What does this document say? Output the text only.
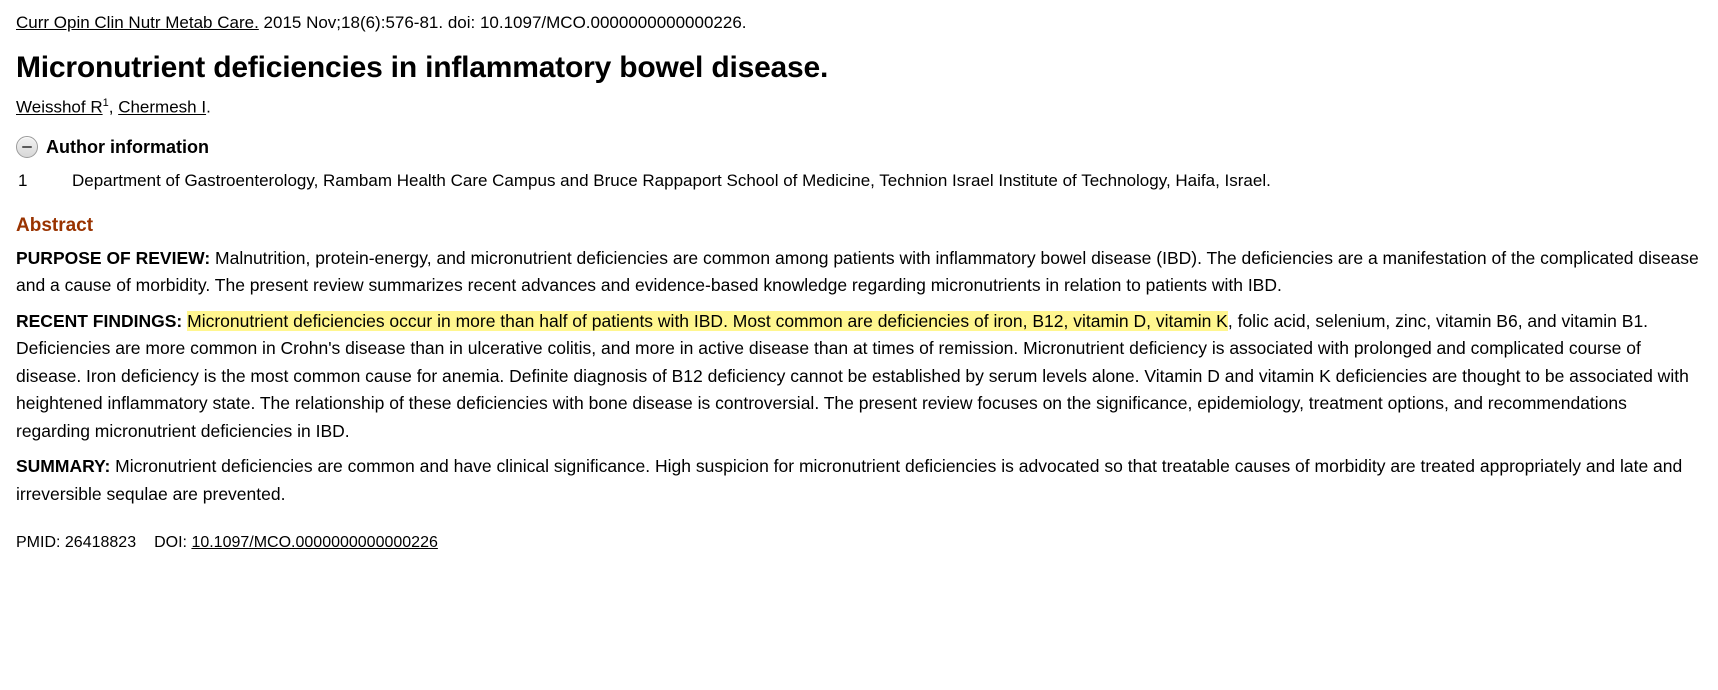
Curr Opin Clin Nutr Metab Care. 2015 Nov;18(6):576-81. doi: 10.1097/MCO.0000000000000226.
Micronutrient deficiencies in inflammatory bowel disease.
Weisshof $R^1$, Chermesh I.
Author information
1	Department of Gastroenterology, Rambam Health Care Campus and Bruce Rappaport School of Medicine, Technion Israel Institute of Technology, Haifa, Israel.
Abstract

PURPOSE OF REVIEW: Malnutrition, protein-energy, and micronutrient deficiencies are common among patients with inflammatory bowel disease (IBD). The deficiencies are a manifestation of the complicated disease and a cause of morbidity. The present review summarizes recent advances and evidence-based knowledge regarding micronutrients in relation to patients with IBD.

RECENT FINDINGS: Micronutrient deficiencies occur in more than half of patients with IBD. Most common are deficiencies of iron, B12, vitamin D, vitamin K, folic acid, selenium, zinc, vitamin B6, and vitamin B1. Deficiencies are more common in Crohn's disease than in ulcerative colitis, and more in active disease than at times of remission. Micronutrient deficiency is associated with prolonged and complicated course of disease. Iron deficiency is the most common cause for anemia. Definite diagnosis of B12 deficiency cannot be established by serum levels alone. Vitamin D and vitamin K deficiencies are thought to be associated with heightened inflammatory state. The relationship of these deficiencies with bone disease is controversial. The present review focuses on the significance, epidemiology, treatment options, and recommendations regarding micronutrient deficiencies in IBD.

SUMMARY: Micronutrient deficiencies are common and have clinical significance. High suspicion for micronutrient deficiencies is advocated so that treatable causes of morbidity are treated appropriately and late and irreversible sequlae are prevented.

PMID: 26418823 DOI: 10.1097/MCO.0000000000000226
